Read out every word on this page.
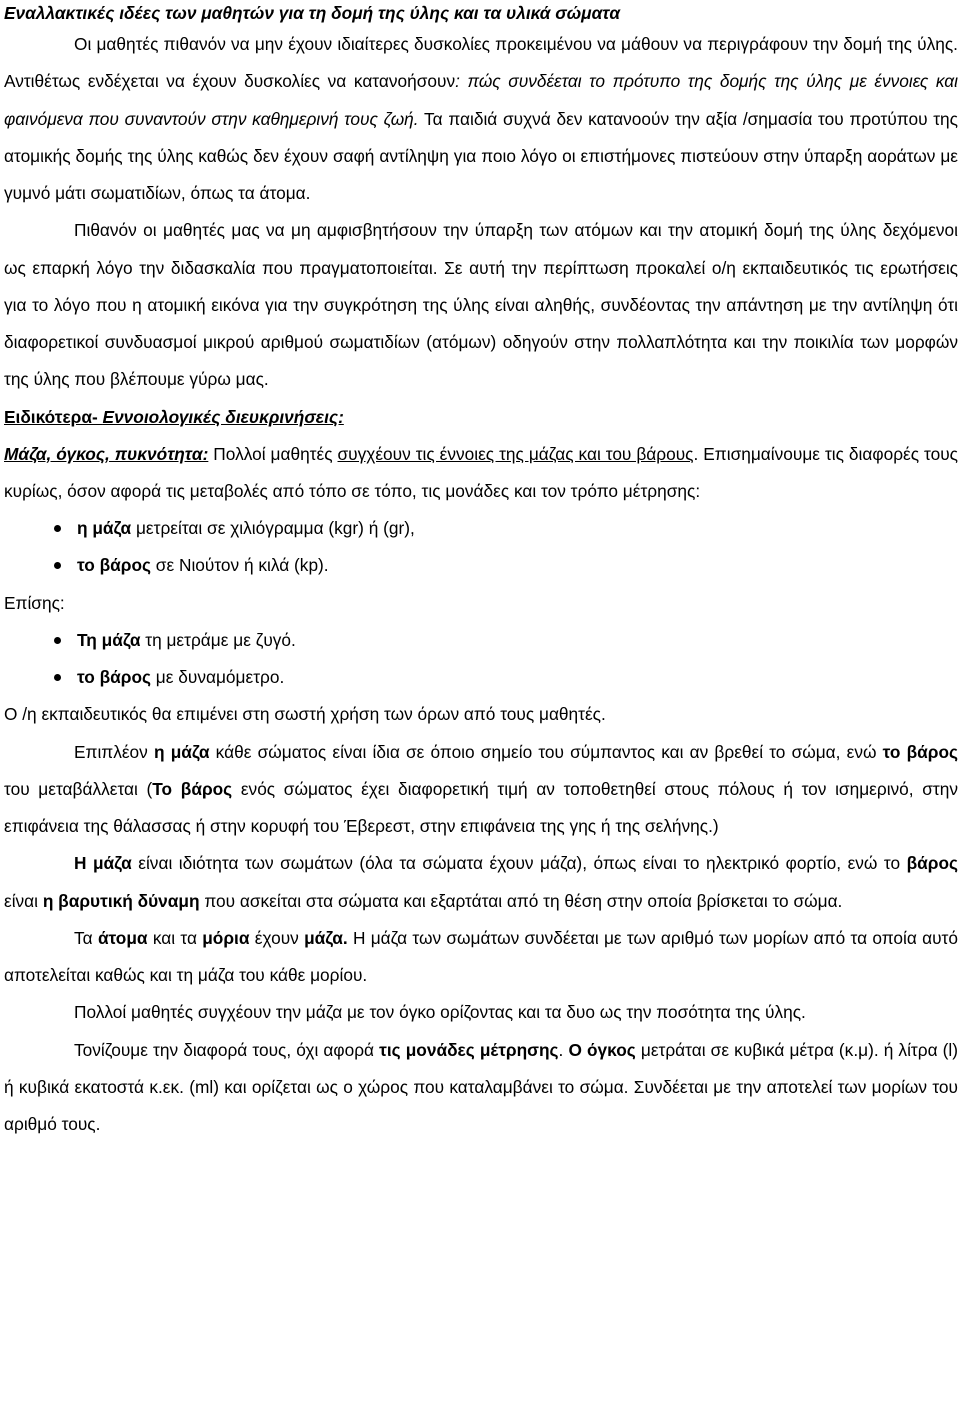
Εναλλακτικές ιδέες των μαθητών για τη δομή της ύλης και τα υλικά σώματα

Οι μαθητές πιθανόν να μην έχουν ιδιαίτερες δυσκολίες προκειμένου να μάθουν να περιγράφουν την δομή της ύλης. Αντιθέτως ενδέχεται να έχουν δυσκολίες να κατανοήσουν: πώς συνδέεται το πρότυπο της δομής της ύλης με έννοιες και φαινόμενα που συναντούν στην καθημερινή τους ζωή. Τα παιδιά συχνά δεν κατανοούν την αξία /σημασία του προτύπου της ατομικής δομής της ύλης καθώς δεν έχουν σαφή αντίληψη για ποιο λόγο οι επιστήμονες πιστεύουν στην ύπαρξη αοράτων με γυμνό μάτι σωματιδίων, όπως τα άτομα.

Πιθανόν οι μαθητές μας να μη αμφισβητήσουν την ύπαρξη των ατόμων και την ατομική δομή της ύλης δεχόμενοι ως επαρκή λόγο την διδασκαλία που πραγματοποιείται. Σε αυτή την περίπτωση προκαλεί ο/η εκπαιδευτικός τις ερωτήσεις για το λόγο που η ατομική εικόνα για την συγκρότηση της ύλης είναι αληθής, συνδέοντας την απάντηση με την αντίληψη ότι διαφορετικοί συνδυασμοί μικρού αριθμού σωματιδίων (ατόμων) οδηγούν στην πολλαπλότητα και την ποικιλία των μορφών της ύλης που βλέπουμε γύρω μας.

Ειδικότερα- Εννοιολογικές διευκρινήσεις:

Μάζα, όγκος, πυκνότητα: Πολλοί μαθητές συγχέουν τις έννοιες της μάζας και του βάρους. Επισημαίνουμε τις διαφορές τους κυρίως, όσον αφορά τις μεταβολές από τόπο σε τόπο, τις μονάδες και τον τρόπο μέτρησης:

η μάζα μετρείται σε χιλιόγραμμα (kgr) ή (gr),
το βάρος σε Νιούτον ή κιλά (kp).

Επίσης:

Τη μάζα τη μετράμε με ζυγό.
το βάρος με δυναμόμετρο.

Ο /η εκπαιδευτικός θα επιμένει στη σωστή χρήση των όρων από τους μαθητές.

Επιπλέον η μάζα κάθε σώματος είναι ίδια σε όποιο σημείο του σύμπαντος και αν βρεθεί το σώμα, ενώ το βάρος του μεταβάλλεται (Το βάρος ενός σώματος έχει διαφορετική τιμή αν τοποθετηθεί στους πόλους ή τον ισημερινό, στην επιφάνεια της θάλασσας ή στην κορυφή του Έβερεστ, στην επιφάνεια της γης ή της σελήνης.)

Η μάζα είναι ιδιότητα των σωμάτων (όλα τα σώματα έχουν μάζα), όπως είναι το ηλεκτρικό φορτίο, ενώ το βάρος είναι η βαρυτική δύναμη που ασκείται στα σώματα και εξαρτάται από τη θέση στην οποία βρίσκεται το σώμα.

Τα άτομα και τα μόρια έχουν μάζα. Η μάζα των σωμάτων συνδέεται με των αριθμό των μορίων από τα οποία αυτό αποτελείται καθώς και τη μάζα του κάθε μορίου.

Πολλοί μαθητές συγχέουν την μάζα με τον όγκο ορίζοντας και τα δυο ως την ποσότητα της ύλης.

Τονίζουμε την διαφορά τους, όχι αφορά τις μονάδες μέτρησης. Ο όγκος μετράται σε κυβικά μέτρα (κ.μ). ή λίτρα (l) ή κυβικά εκατοστά κ.εκ. (ml) και ορίζεται ως ο χώρος που καταλαμβάνει το σώμα. Συνδέεται με την αποτελεί των μορίων του αριθμό τους.
